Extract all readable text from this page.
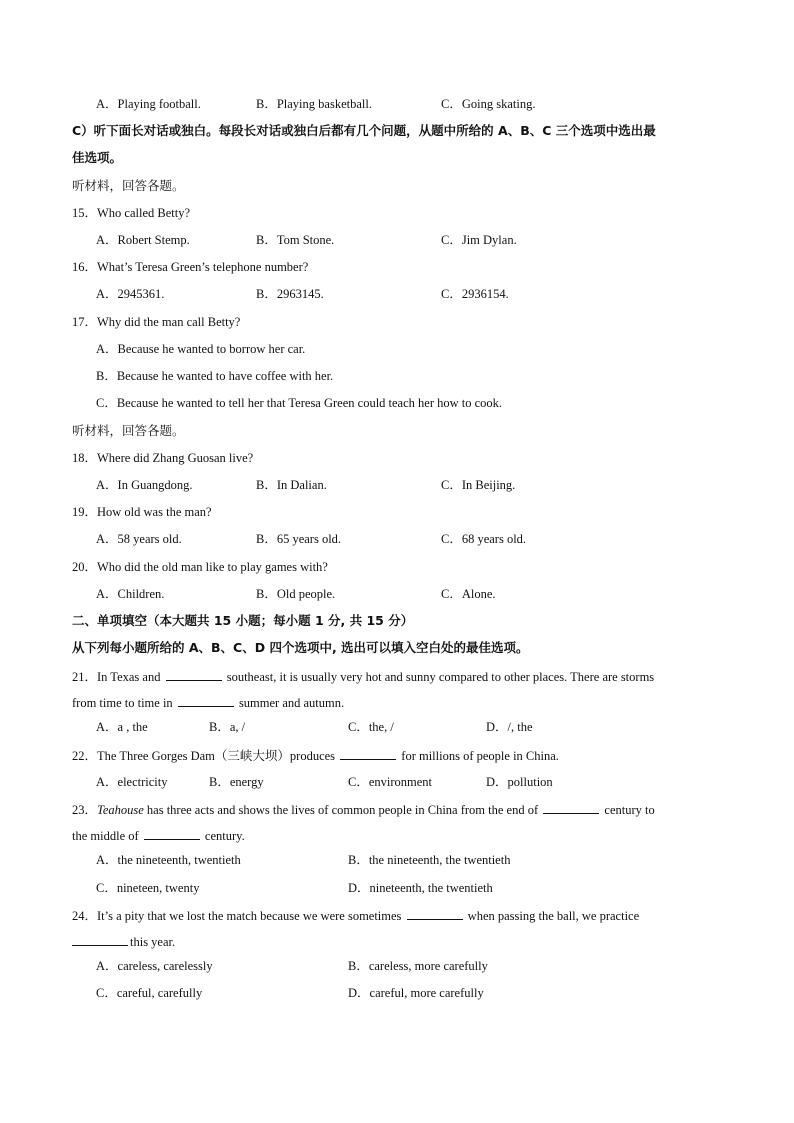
A．Playing football.	B．Playing basketball.	C．Going skating.
C）听下面长对话或独白。每段长对话或独白后都有几个问题，从题中所给的 A、B、C 三个选项中选出最
佳选项。
听材料，回答各题。
15．Who called Betty?
A．Robert Stemp.	B．Tom Stone.	C．Jim Dylan.
16．What’s Teresa Green’s telephone number?
A．2945361.	B．2963145.	C．2936154.
17．Why did the man call Betty?
A．Because he wanted to borrow her car.
B．Because he wanted to have coffee with her.
C．Because he wanted to tell her that Teresa Green could teach her how to cook.
听材料，回答各题。
18．Where did Zhang Guosan live?
A．In Guangdong.	B．In Dalian.	C．In Beijing.
19．How old was the man?
A．58 years old.	B．65 years old.	C．68 years old.
20．Who did the old man like to play games with?
A．Children.	B．Old people.	C．Alone.
二、单项填空（本大题共 15 小题；每小题 1 分, 共 15 分）
从下列每小题所给的 A、B、C、D 四个选项中, 选出可以填入空白处的最佳选项。
21．In Texas and	southeast, it is usually very hot and sunny compared to other places. There are storms
from time to time in	summer and autumn.
A．a , the	B．a, /	C．the, /	D．/, the
22．The Three Gorges Dam（三峡大坝）produces	for millions of people in China.
A．electricity	B．energy	C．environment	D．pollution
23．Teahouse has three acts and shows the lives of common people in China from the end of	century to
the middle of	century.
A．the nineteenth, twentieth	B．the nineteenth, the twentieth
C．nineteen, twenty	D．nineteenth, the twentieth
24．It’s a pity that we lost the match because we were sometimes	when passing the ball, we practice
this year.
A．careless, carelessly	B．careless, more carefully
C．careful, carefully	D．careful, more carefully
